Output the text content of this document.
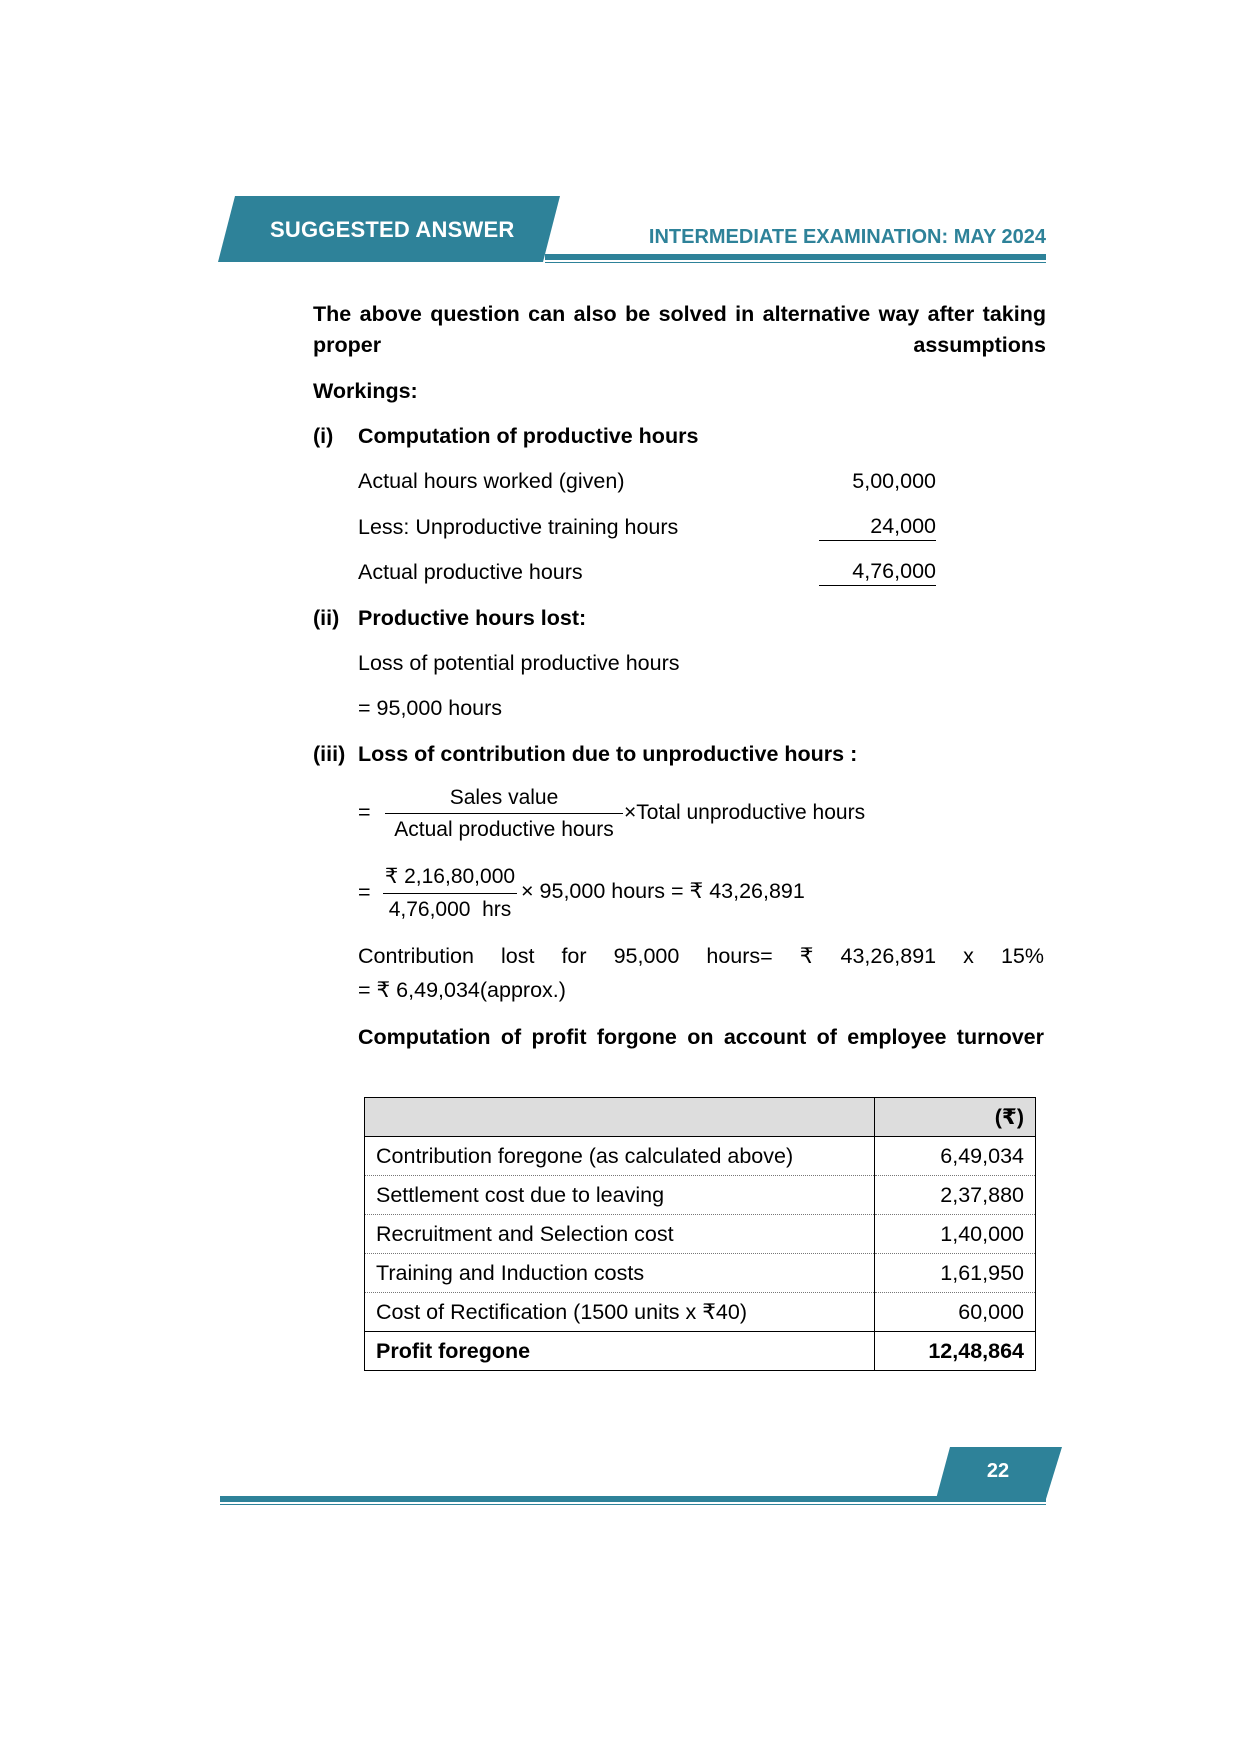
SUGGESTED ANSWER	INTERMEDIATE EXAMINATION: MAY 2024
The above question can also be solved in alternative way after taking proper assumptions
Workings:
(i) Computation of productive hours
Actual hours worked (given)	5,00,000
Less: Unproductive training hours	24,000
Actual productive hours	4,76,000
(ii) Productive hours lost:
Loss of potential productive hours
= 95,000 hours
(iii) Loss of contribution due to unproductive hours :
=
Sales value
Actual productive hours
×Total unproductive hours
=
₹ 2,16,80,000
4,76,000  hrs
× 95,000 hours = ₹ 43,26,891
Contribution lost for 95,000 hours= ₹ 43,26,891 x 15%
= ₹ 6,49,034(approx.)
Computation of profit forgone on account of employee turnover
	(₹)
Contribution foregone (as calculated above)	6,49,034
Settlement cost due to leaving	2,37,880
Recruitment and Selection cost	1,40,000
Training and Induction costs	1,61,950
Cost of Rectification (1500 units x ₹40)	60,000
Profit foregone	12,48,864
22
